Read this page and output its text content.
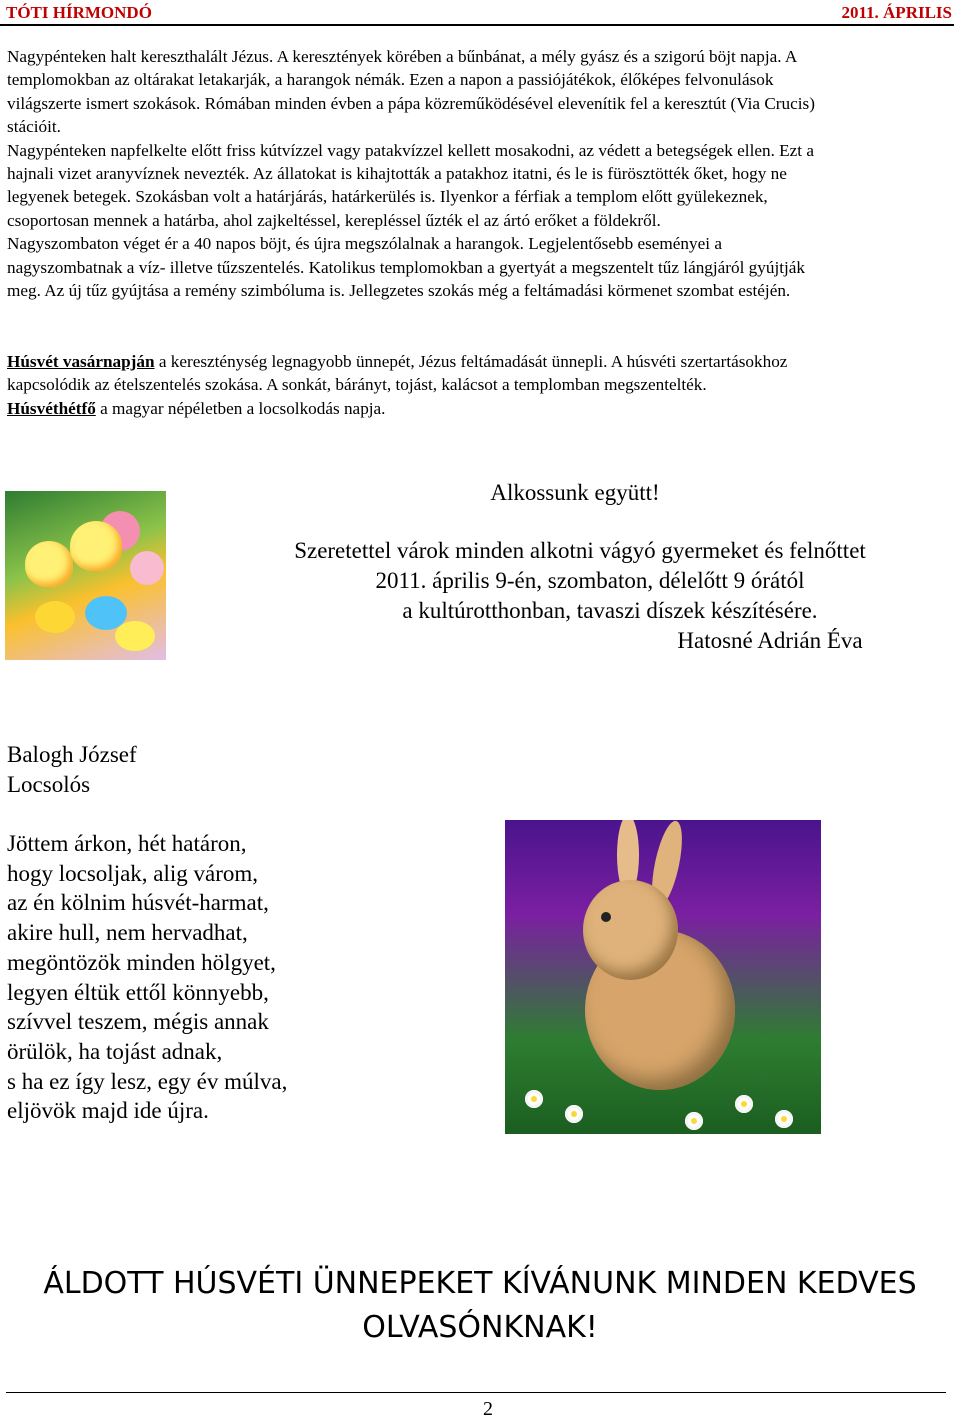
TÓTI HÍRMONDÓ	2011. ÁPRILIS
Nagypénteken halt kereszthalált Jézus. A keresztények körében a bűnbánat, a mély gyász és a szigorú böjt napja. A
templomokban az oltárakat letakarják, a harangok némák. Ezen a napon a passiójátékok, élőképes felvonulások
világszerte ismert szokások. Rómában minden évben a pápa közreműködésével elevenítik fel a keresztút (Via Crucis)
stációit.
Nagypénteken napfelkelte előtt friss kútvízzel vagy patakvízzel kellett mosakodni, az védett a betegségek ellen. Ezt a
hajnali vizet aranyvíznek nevezték. Az állatokat is kihajtották a patakhoz itatni, és le is fürösztötték őket, hogy ne
legyenek betegek. Szokásban volt a határjárás, határkerülés is. Ilyenkor a férfiak a templom előtt gyülekeznek,
csoportosan mennek a határba, ahol zajkeltéssel, kerepléssel űzték el az ártó erőket a földekről.
Nagyszombaton véget ér a 40 napos böjt, és újra megszólalnak a harangok. Legjelentősebb eseményei a
nagyszombatnak a víz- illetve tűzszentelés. Katolikus templomokban a gyertyát a megszentelt tűz lángjáról gyújtják
meg. Az új tűz gyújtása a remény szimbóluma is. Jellegzetes szokás még a feltámadási körmenet szombat estéjén.
Húsvét vasárnapján a kereszténység legnagyobb ünnepét, Jézus feltámadását ünnepli. A húsvéti szertartásokhoz
kapcsolódik az ételszentelés szokása. A sonkát, bárányt, tojást, kalácsot a templomban megszentelték.
Húsvéthétfő a magyar népéletben a locsolkodás napja.
Alkossunk együtt!
Szeretettel várok minden alkotni vágyó gyermeket és felnőttet
2011. április 9-én, szombaton, délelőtt 9 órától
a kultúrotthonban, tavaszi díszek készítésére.
Hatosné Adrián Éva
Balogh József
Locsolós
Jöttem árkon, hét határon,
hogy locsoljak, alig várom,
az én kölnim húsvét-harmat,
akire hull, nem hervadhat,
megöntözök minden hölgyet,
legyen éltük ettől könnyebb,
szívvel teszem, mégis annak
örülök, ha tojást adnak,
s ha ez így lesz, egy év múlva,
eljövök majd ide újra.
ÁLDOTT HÚSVÉTI ÜNNEPEKET KÍVÁNUNK MINDEN KEDVES
OLVASÓNKNAK!
2
